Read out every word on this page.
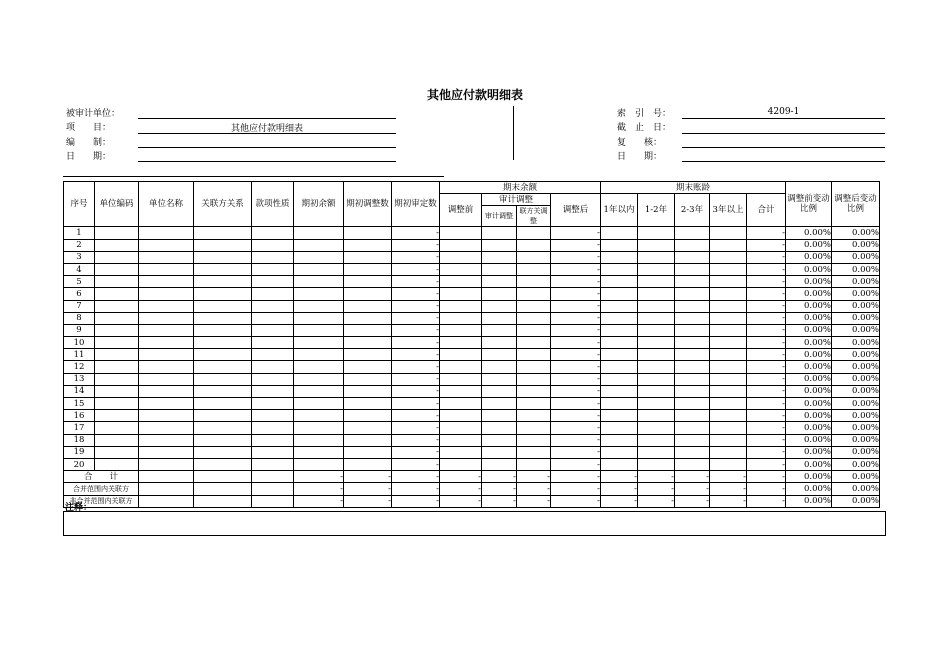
其他应付款明细表
被审计单位：
项　　目：	其他应付款明细表
编　　制：
日　　期：
索　引　号：	4209-1
截　止　日：
复　　核：
日　　期：
序号	单位编码	单位名称	关联方关系	款项性质	期初余额	期初调整数	期初审定数	期末余额				期末账龄					调整前变动比例	调整后变动比例
								调整前	审计调整		调整后	1年以内	1-2年	2-3年	3年以上	合计		
									审计调整	联方关调整								
1							-				-					-	0.00%	0.00%
2							-				-					-	0.00%	0.00%
3							-				-					-	0.00%	0.00%
4							-				-					-	0.00%	0.00%
5							-				-					-	0.00%	0.00%
6							-				-					-	0.00%	0.00%
7							-				-					-	0.00%	0.00%
8							-				-					-	0.00%	0.00%
9							-				-					-	0.00%	0.00%
10							-				-					-	0.00%	0.00%
11							-				-					-	0.00%	0.00%
12							-				-					-	0.00%	0.00%
13							-				-					-	0.00%	0.00%
14							-				-					-	0.00%	0.00%
15							-				-					-	0.00%	0.00%
16							-				-					-	0.00%	0.00%
17							-				-					-	0.00%	0.00%
18							-				-					-	0.00%	0.00%
19							-				-					-	0.00%	0.00%
20							-				-					-	0.00%	0.00%
合　　计					-	-	-	-	-	-	-	-	-	-	-	-	0.00%	0.00%
合并范围内关联方					-	-	-	-	-	-	-	-	-	-	-	-	0.00%	0.00%
非合并范围内关联方					-	-	-	-	-	-	-	-	-	-	-	-	0.00%	0.00%
注释：
